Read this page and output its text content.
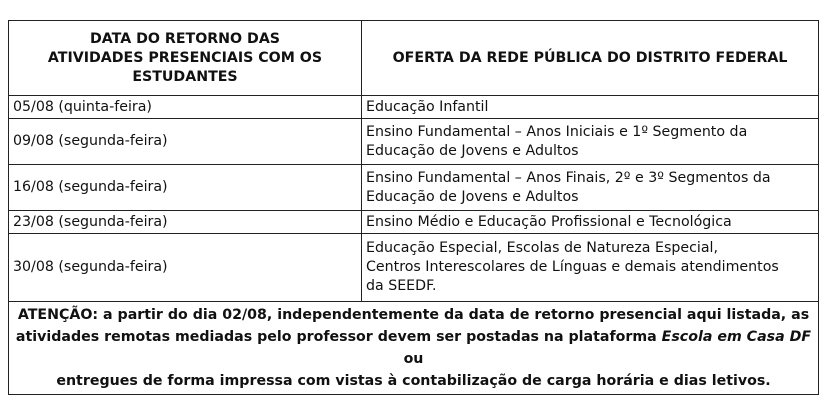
DATA DO RETORNO DAS
ATIVIDADES PRESENCIAIS COM OS
ESTUDANTES	OFERTA DA REDE PÚBLICA DO DISTRITO FEDERAL
05/08 (quinta-feira)	Educação Infantil
09/08 (segunda-feira)	Ensino Fundamental – Anos Iniciais e 1º Segmento da
Educação de Jovens e Adultos
16/08 (segunda-feira)	Ensino Fundamental – Anos Finais, 2º e 3º Segmentos da
Educação de Jovens e Adultos
23/08 (segunda-feira)	Ensino Médio e Educação Profissional e Tecnológica
30/08 (segunda-feira)	Educação Especial, Escolas de Natureza Especial,
Centros Interescolares de Línguas e demais atendimentos
da SEEDF.
ATENÇÃO: a partir do dia 02/08, independentemente da data de retorno presencial aqui listada, as
atividades remotas mediadas pelo professor devem ser postadas na plataforma Escola em Casa DF ou
entregues de forma impressa com vistas à contabilização de carga horária e dias letivos.	
